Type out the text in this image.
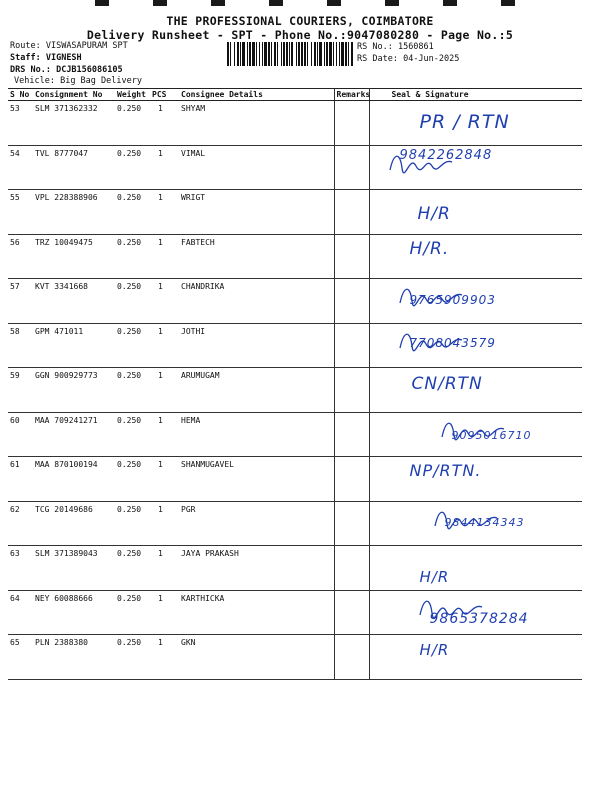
THE PROFESSIONAL COURIERS, COIMBATORE
Delivery Runsheet - SPT - Phone No.:9047080280 - Page No.:5
Route: VISWASAPURAM SPT
Staff: VIGNESH
DRS No.: DCJB156086105
Vehicle: Big Bag Delivery
RS No.: 1560861
RS Date: 04-Jun-2025
S No	Consignment No	Weight	PCS	Consignee Details	Remarks	Seal & Signature
53	SLM 371362332	0.250	1	SHYAM		PR / RTN

54	TVL 8777047	0.250	1	VIMAL		9842262848

55	VPL 228388906	0.250	1	WRIGT		H/R

56	TRZ 10049475	0.250	1	FABTECH		H/R.

57	KVT 3341668	0.250	1	CHANDRIKA		9765909903

58	GPM 471011	0.250	1	JOTHI		7708043579

59	GGN 900929773	0.250	1	ARUMUGAM		CN/RTN

60	MAA 709241271	0.250	1	HEMA		9095016710

61	MAA 870100194	0.250	1	SHANMUGAVEL		NP/RTN.

62	TCG 20149686	0.250	1	PGR		9844134343

63	SLM 371389043	0.250	1	JAYA PRAKASH		H/R

64	NEY 60088666	0.250	1	KARTHICKA		9865378284

65	PLN 2388380	0.250	1	GKN		H/R
